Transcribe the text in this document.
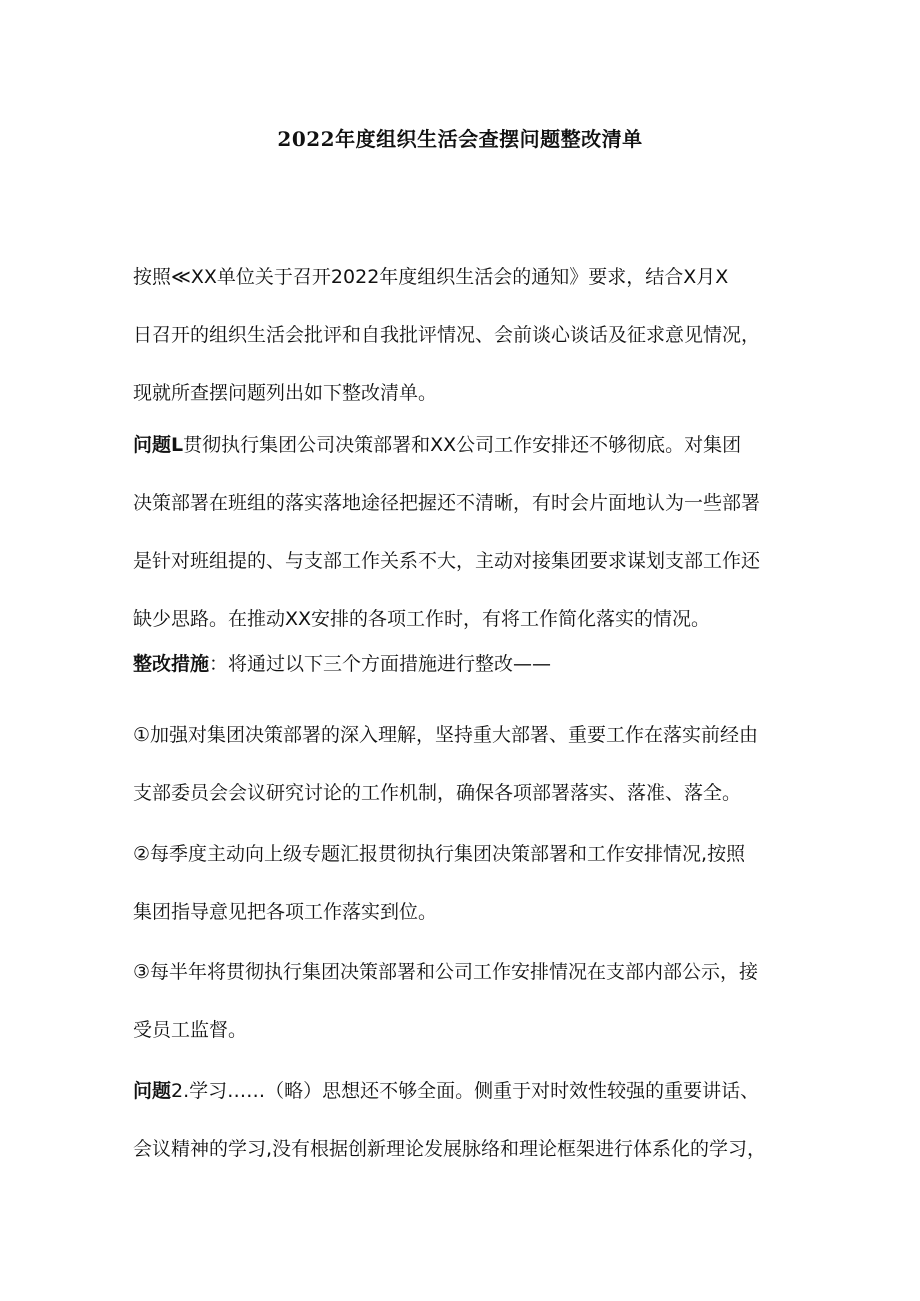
2022年度组织生活会查摆问题整改清单

按照≪XX单位关于召开2022年度组织生活会的通知》要求，结合X月X
日召开的组织生活会批评和自我批评情况、会前谈心谈话及征求意见情况，
现就所查摆问题列出如下整改清单。

问题L贯彻执行集团公司决策部署和XX公司工作安排还不够彻底。对集团
决策部署在班组的落实落地途径把握还不清晰，有时会片面地认为一些部署
是针对班组提的、与支部工作关系不大，主动对接集团要求谋划支部工作还
缺少思路。在推动XX安排的各项工作时，有将工作简化落实的情况。

整改措施：将通过以下三个方面措施进行整改——

①加强对集团决策部署的深入理解，坚持重大部署、重要工作在落实前经由
支部委员会会议研究讨论的工作机制，确保各项部署落实、落准、落全。

②每季度主动向上级专题汇报贯彻执行集团决策部署和工作安排情况,按照
集团指导意见把各项工作落实到位。

③每半年将贯彻执行集团决策部署和公司工作安排情况在支部内部公示，接
受员工监督。

问题2.学习……（略）思想还不够全面。侧重于对时效性较强的重要讲话、
会议精神的学习,没有根据创新理论发展脉络和理论框架进行体系化的学习，
